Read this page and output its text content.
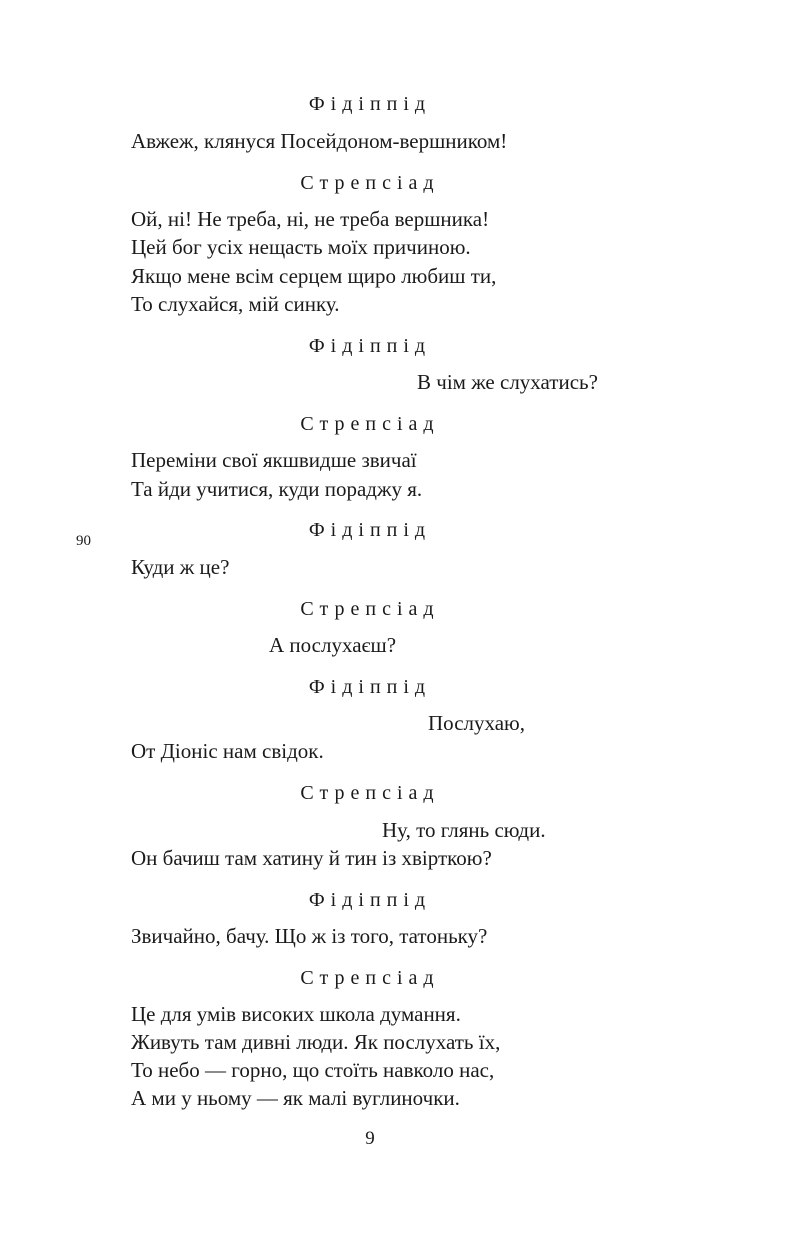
Фідіппід
Авжеж, клянуся Посейдоном-вершником!
Стрепсіад
Ой, ні! Не треба, ні, не треба вершника!
Цей бог усіх нещасть моїх причиною.
Якщо мене всім серцем щиро любиш ти,
То слухайся, мій синку.
Фідіппід
В чім же слухатись?
Стрепсіад
Переміни свої якшвидше звичаї
Та йди учитися, куди пораджу я.
Фідіппід
90
Куди ж це?
Стрепсіад
А послухаєш?
Фідіппід
Послухаю,
От Діоніс нам свідок.
Стрепсіад
Ну, то глянь сюди.
Он бачиш там хатину й тин із хвірткою?
Фідіппід
Звичайно, бачу. Що ж із того, татоньку?
Стрепсіад
Це для умів високих школа думання.
Живуть там дивні люди. Як послухать їх,
То небо — горно, що стоїть навколо нас,
А ми у ньому — як малі вуглиночки.
9
